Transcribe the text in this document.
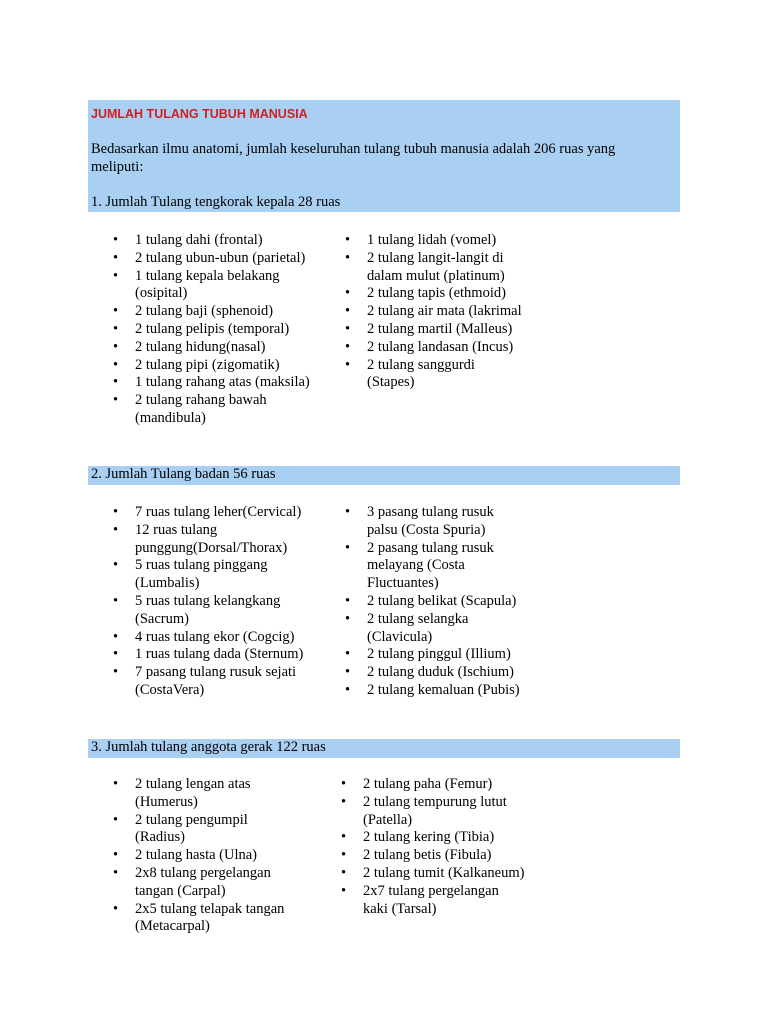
JUMLAH TULANG TUBUH MANUSIA
Bedasarkan ilmu anatomi, jumlah keseluruhan tulang tubuh manusia adalah 206 ruas yang meliputi:
1. Jumlah Tulang tengkorak kepala 28 ruas
• 1 tulang dahi (frontal)
• 2 tulang ubun-ubun (parietal)
• 1 tulang kepala belakang (osipital)
• 2 tulang baji (sphenoid)
• 2 tulang pelipis (temporal)
• 2 tulang hidung(nasal)
• 2 tulang pipi (zigomatik)
• 1 tulang rahang atas (maksila)
• 2 tulang rahang bawah (mandibula)
• 1 tulang lidah (vomel)
• 2 tulang langit-langit di dalam mulut (platinum)
• 2 tulang tapis (ethmoid)
• 2 tulang air mata (lakrimal
• 2 tulang martil (Malleus)
• 2 tulang landasan (Incus)
• 2 tulang sanggurdi (Stapes)
2. Jumlah Tulang badan 56 ruas
• 7 ruas tulang leher(Cervical)
• 12 ruas tulang punggung(Dorsal/Thorax)
• 5 ruas tulang pinggang (Lumbalis)
• 5 ruas tulang kelangkang (Sacrum)
• 4 ruas tulang ekor (Cogcig)
• 1 ruas tulang dada (Sternum)
• 7 pasang tulang rusuk sejati (CostaVera)
• 3 pasang tulang rusuk palsu (Costa Spuria)
• 2 pasang tulang rusuk melayang (Costa Fluctuantes)
• 2 tulang belikat (Scapula)
• 2 tulang selangka (Clavicula)
• 2 tulang pinggul (Illium)
• 2 tulang duduk (Ischium)
• 2 tulang kemaluan (Pubis)
3. Jumlah tulang anggota gerak 122 ruas
• 2 tulang lengan atas (Humerus)
• 2 tulang pengumpil (Radius)
• 2 tulang hasta (Ulna)
• 2x8 tulang pergelangan tangan (Carpal)
• 2x5 tulang telapak tangan (Metacarpal)
• 2 tulang paha (Femur)
• 2 tulang tempurung lutut (Patella)
• 2 tulang kering (Tibia)
• 2 tulang betis (Fibula)
• 2 tulang tumit (Kalkaneum)
• 2x7 tulang pergelangan kaki (Tarsal)
